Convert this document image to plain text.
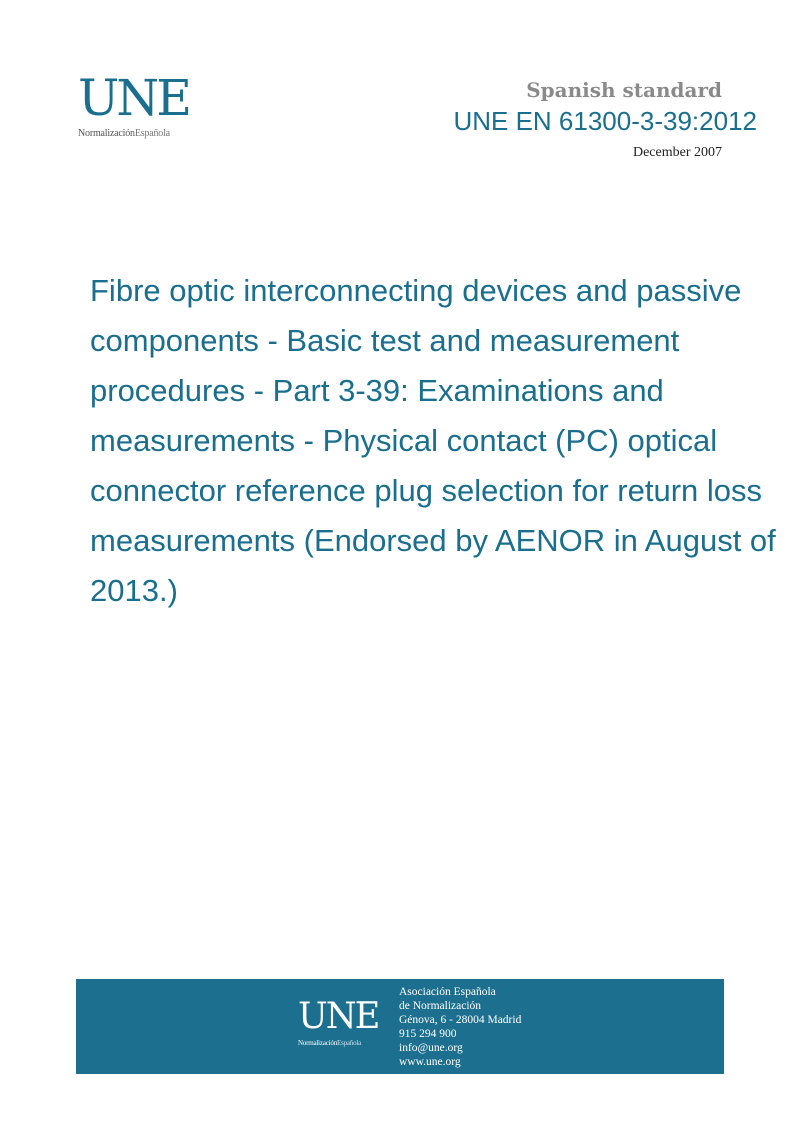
UNE
NormalizaciónEspañola
Spanish standard
UNE EN 61300-3-39:2012
December 2007
Fibre optic interconnecting devices and passive components - Basic test and measurement procedures - Part 3-39: Examinations and measurements - Physical contact (PC) optical connector reference plug selection for return loss measurements (Endorsed by AENOR in August of 2013.)
UNE
NormalizaciónEspañola
Asociación Española
de Normalización
Génova, 6 - 28004 Madrid
915 294 900
info@une.org
www.une.org
